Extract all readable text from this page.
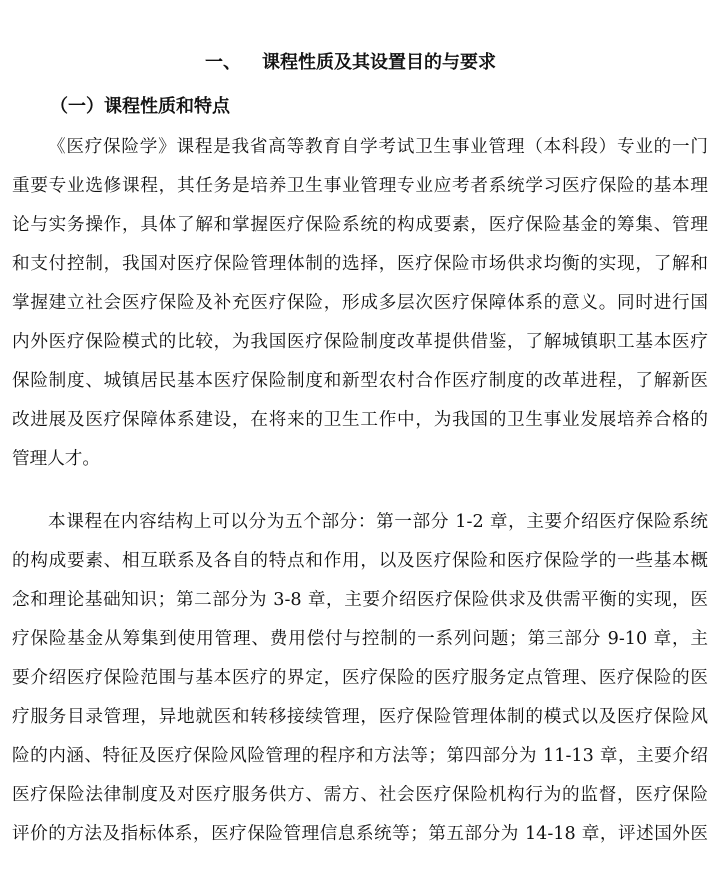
一、 课程性质及其设置目的与要求
（一）课程性质和特点
《医疗保险学》课程是我省高等教育自学考试卫生事业管理（本科段）专业的一门
重要专业选修课程，其任务是培养卫生事业管理专业应考者系统学习医疗保险的基本理
论与实务操作，具体了解和掌握医疗保险系统的构成要素，医疗保险基金的筹集、管理
和支付控制，我国对医疗保险管理体制的选择，医疗保险市场供求均衡的实现，了解和
掌握建立社会医疗保险及补充医疗保险，形成多层次医疗保障体系的意义。同时进行国
内外医疗保险模式的比较，为我国医疗保险制度改革提供借鉴，了解城镇职工基本医疗
保险制度、城镇居民基本医疗保险制度和新型农村合作医疗制度的改革进程，了解新医
改进展及医疗保障体系建设，在将来的卫生工作中，为我国的卫生事业发展培养合格的
管理人才。
本课程在内容结构上可以分为五个部分：第一部分 1-2 章，主要介绍医疗保险系统
的构成要素、相互联系及各自的特点和作用，以及医疗保险和医疗保险学的一些基本概
念和理论基础知识；第二部分为 3-8 章，主要介绍医疗保险供求及供需平衡的实现，医
疗保险基金从筹集到使用管理、费用偿付与控制的一系列问题；第三部分 9-10 章，主
要介绍医疗保险范围与基本医疗的界定，医疗保险的医疗服务定点管理、医疗保险的医
疗服务目录管理，异地就医和转移接续管理，医疗保险管理体制的模式以及医疗保险风
险的内涵、特征及医疗保险风险管理的程序和方法等；第四部分为 11-13 章，主要介绍
医疗保险法律制度及对医疗服务供方、需方、社会医疗保险机构行为的监督，医疗保险
评价的方法及指标体系，医疗保险管理信息系统等；第五部分为 14-18 章，评述国外医
